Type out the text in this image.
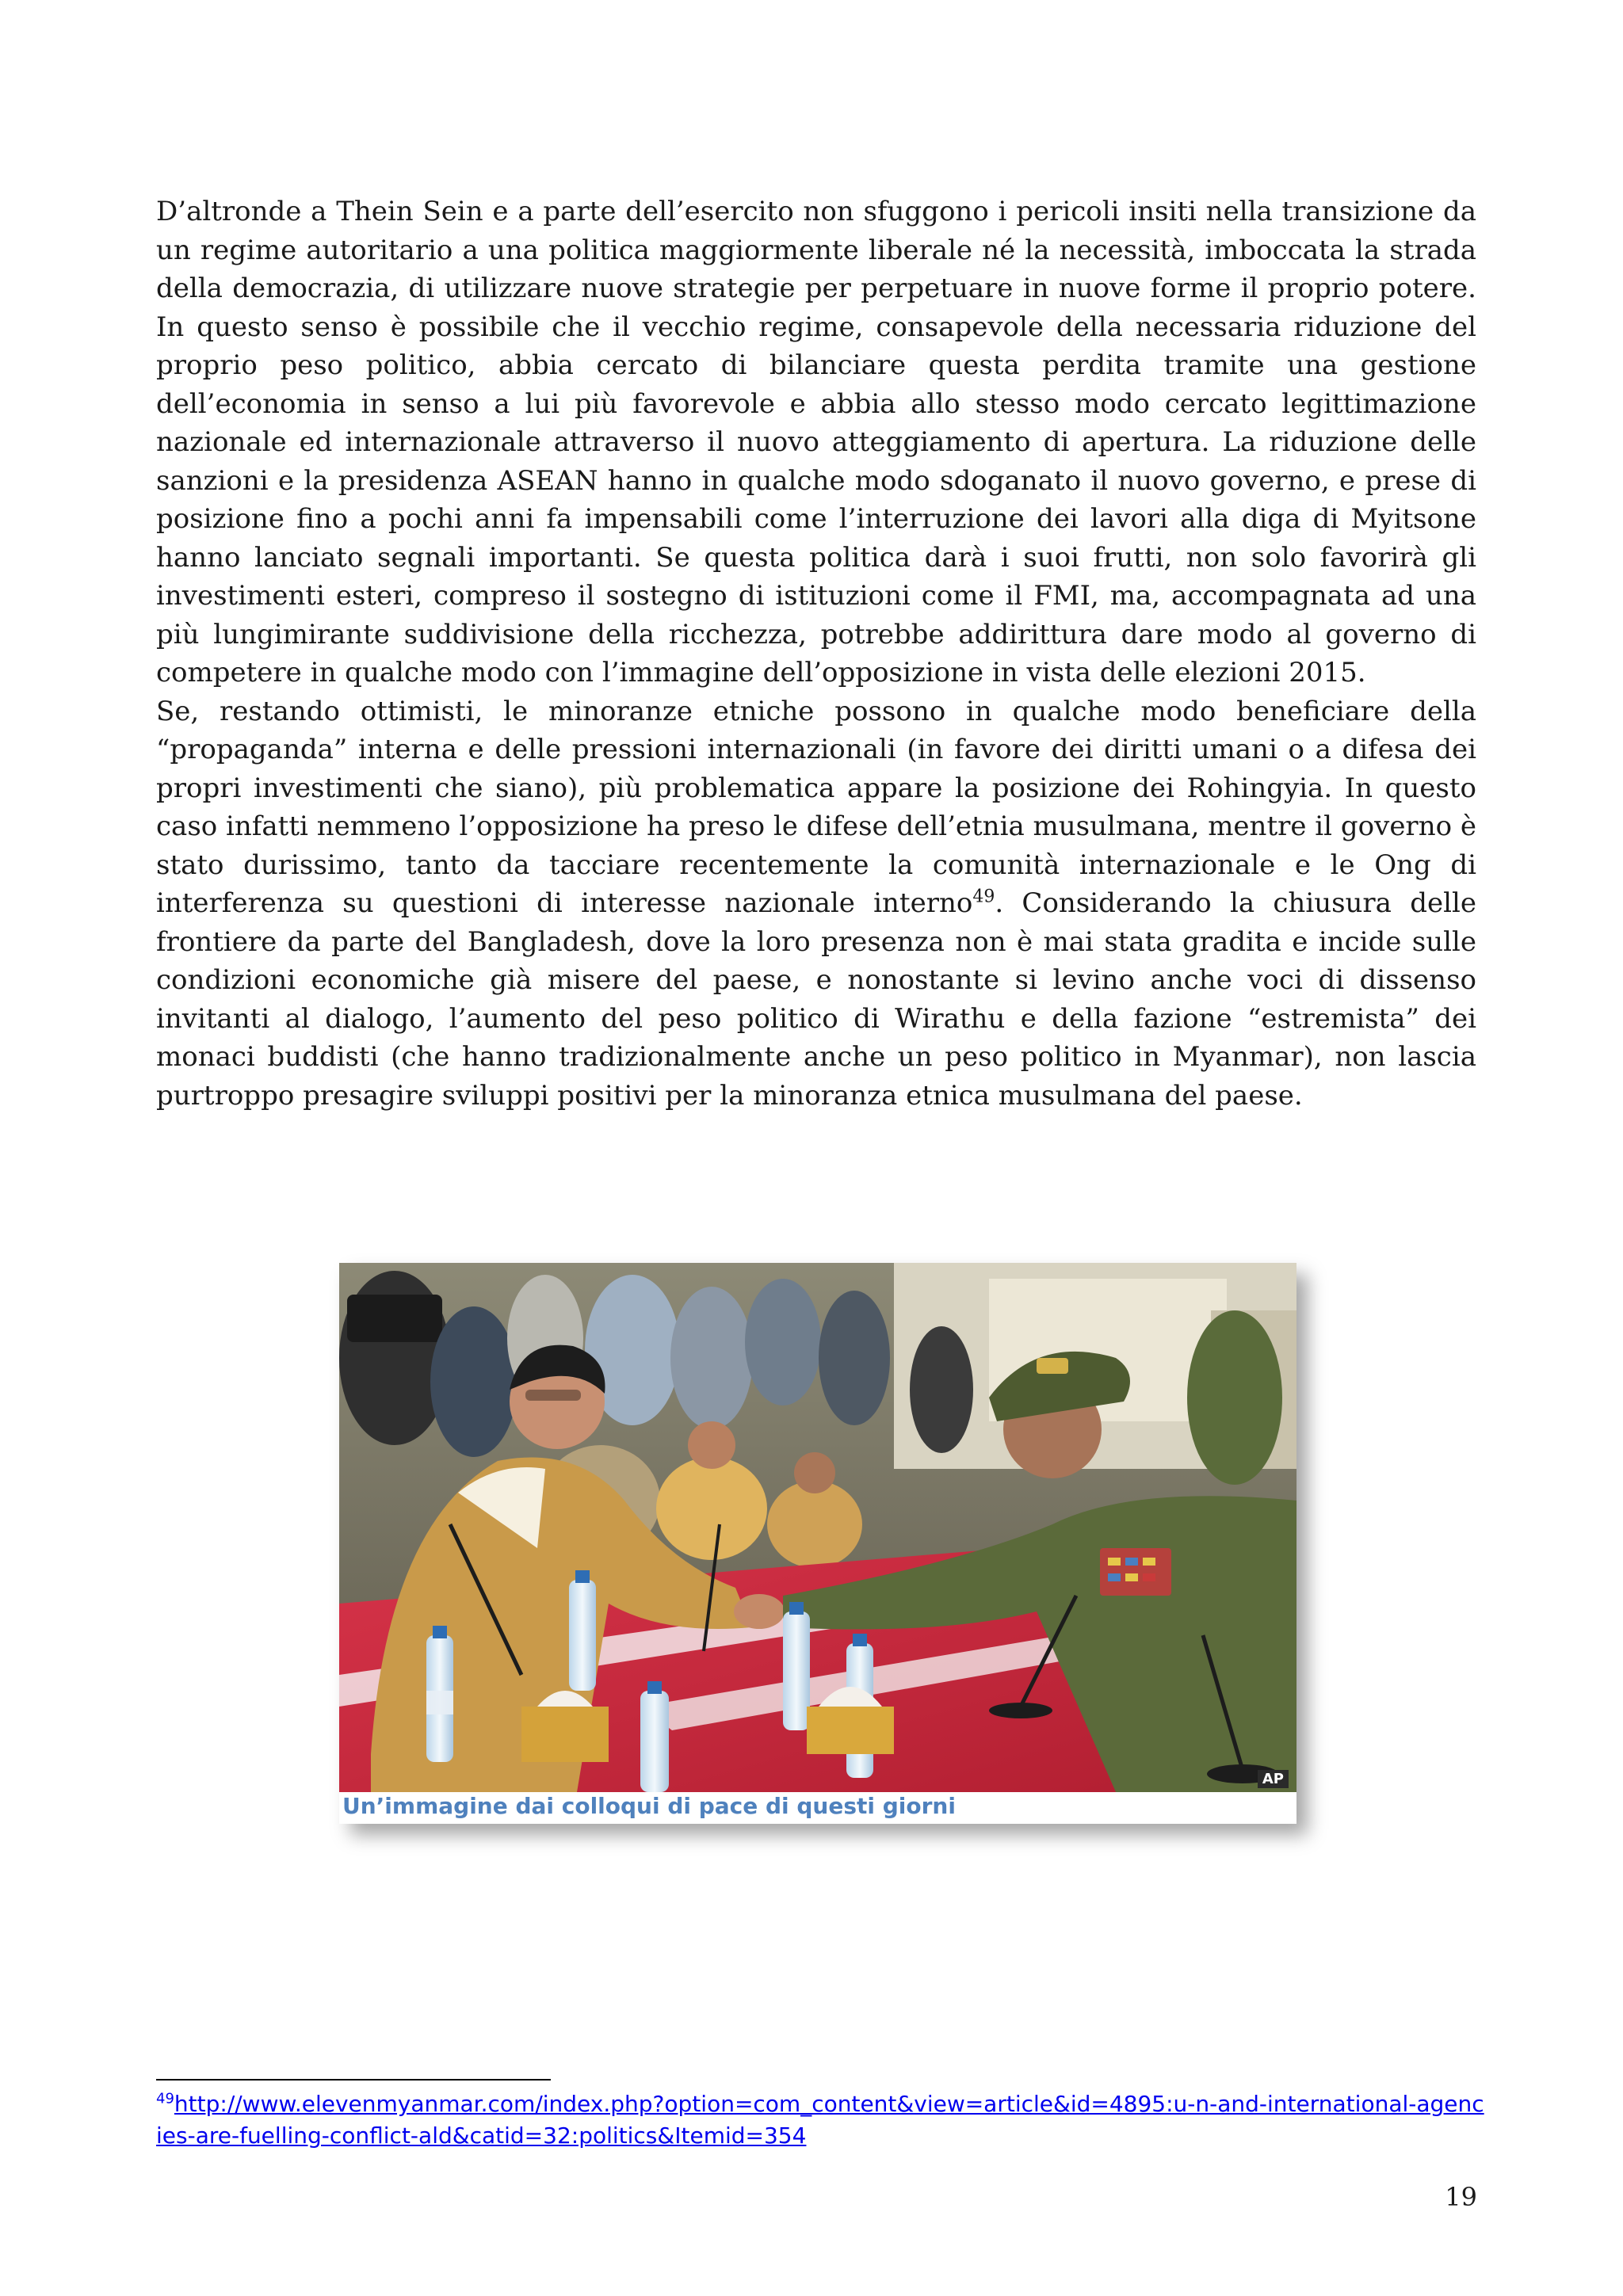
D’altronde a Thein Sein e a parte dell’esercito non sfuggono i pericoli insiti nella transizione da un regime autoritario a una politica maggiormente liberale né la necessità, imboccata la strada della democrazia, di utilizzare nuove strategie per perpetuare in nuove forme il proprio potere. In questo senso è possibile che il vecchio regime, consapevole della necessaria riduzione del proprio peso politico, abbia cercato di bilanciare questa perdita tramite una gestione dell’economia in senso a lui più favorevole e abbia allo stesso modo cercato legittimazione nazionale ed internazionale attraverso il nuovo atteggiamento di apertura. La riduzione delle sanzioni e la presidenza ASEAN hanno in qualche modo sdoganato il nuovo governo, e prese di posizione fino a pochi anni fa impensabili come l’interruzione dei lavori alla diga di Myitsone hanno lanciato segnali importanti. Se questa politica darà i suoi frutti, non solo favorirà gli investimenti esteri, compreso il sostegno di istituzioni come il FMI, ma, accompagnata ad una più lungimirante suddivisione della ricchezza, potrebbe addirittura dare modo al governo di competere in qualche modo con l’immagine dell’opposizione in vista delle elezioni 2015.

Se, restando ottimisti, le minoranze etniche possono in qualche modo beneficiare della “propaganda” interna e delle pressioni internazionali (in favore dei diritti umani o a difesa dei propri investimenti che siano), più problematica appare la posizione dei Rohingyia. In questo caso infatti nemmeno l’opposizione ha preso le difese dell’etnia musulmana, mentre il governo è stato durissimo, tanto da tacciare recentemente la comunità internazionale e le Ong di interferenza su questioni di interesse nazionale interno$^{49}$. Considerando la chiusura delle frontiere da parte del Bangladesh, dove la loro presenza non è mai stata gradita e incide sulle condizioni economiche già misere del paese, e nonostante si levino anche voci di dissenso invitanti al dialogo, l’aumento del peso politico di Wirathu e della fazione “estremista” dei monaci buddisti (che hanno tradizionalmente anche un peso politico in Myanmar), non lascia purtroppo presagire sviluppi positivi per la minoranza etnica musulmana del paese.

AP
Un’immagine dai colloqui di pace di questi giorni
$^{49}$http://www.elevenmyanmar.com/index.php?option=com_content&view=article&id=4895:u-n-and-international-agencies-are-fuelling-conflict-ald&catid=32:politics&Itemid=354
19
